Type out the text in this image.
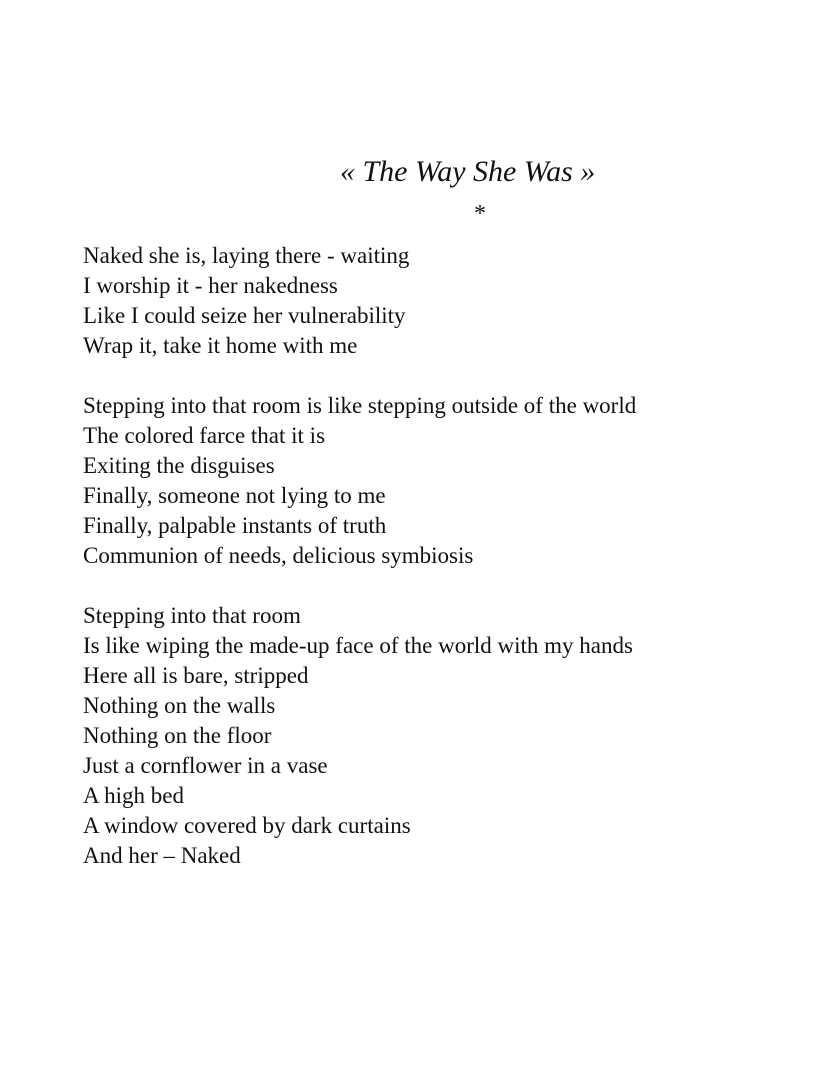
« The Way She Was »
*
Naked she is, laying there - waiting
I worship it - her nakedness
Like I could seize her vulnerability
Wrap it, take it home with me
Stepping into that room is like stepping outside of the world
The colored farce that it is
Exiting the disguises
Finally, someone not lying to me
Finally, palpable instants of truth
Communion of needs, delicious symbiosis
Stepping into that room
Is like wiping the made-up face of the world with my hands
Here all is bare, stripped
Nothing on the walls
Nothing on the floor
Just a cornflower in a vase
A high bed
A window covered by dark curtains
And her – Naked
